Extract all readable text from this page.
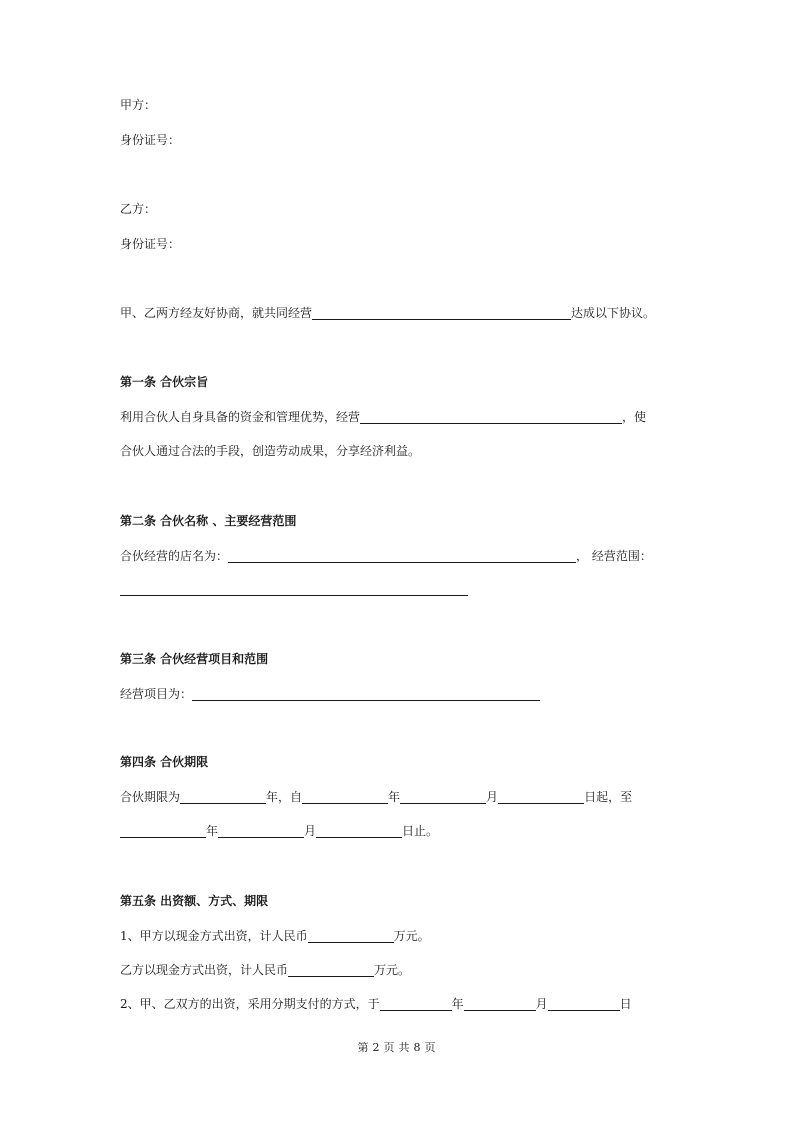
甲方：
身份证号：
乙方：
身份证号：
甲、乙两方经友好协商，就共同经营	达成以下协议。
第一条 合伙宗旨
利用合伙人自身具备的资金和管理优势，经营	，使
合伙人通过合法的手段，创造劳动成果，分享经济利益。
第二条 合伙名称 、主要经营范围
合伙经营的店名为：	， 经营范围：
第三条 合伙经营项目和范围
经营项目为：
第四条 合伙期限
合伙期限为	年，自	年	月	日起，至
年	月	日止。
第五条 出资额、方式、期限
1、甲方以现金方式出资，计人民币	万元。
乙方以现金方式出资，计人民币	万元。
2、甲、乙双方的出资，采用分期支付的方式，于	年	月	日
第 2 页 共 8 页
